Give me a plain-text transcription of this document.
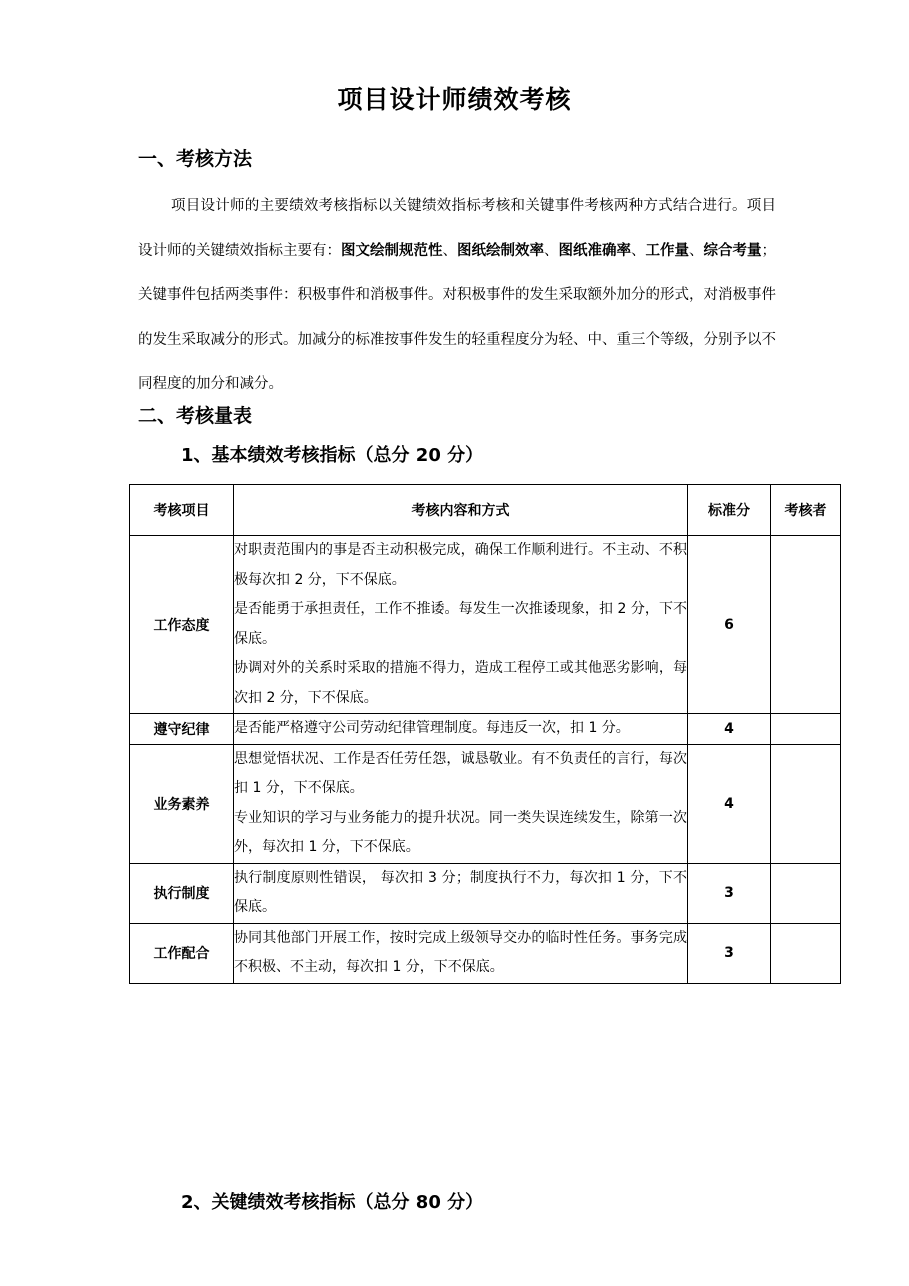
项目设计师绩效考核
一、考核方法

项目设计师的主要绩效考核指标以关键绩效指标考核和关键事件考核两种方式结合进行。项目设计师的关键绩效指标主要有：图文绘制规范性、图纸绘制效率、图纸准确率、工作量、综合考量；关键事件包括两类事件：积极事件和消极事件。对积极事件的发生采取额外加分的形式，对消极事件的发生采取减分的形式。加减分的标准按事件发生的轻重程度分为轻、中、重三个等级，分别予以不同程度的加分和减分。

二、考核量表
1、基本绩效考核指标（总分 20 分）
考核项目	考核内容和方式	标准分	考核者
工作态度	对职责范围内的事是否主动积极完成，确保工作顺利进行。不主动、不积极每次扣 2 分，下不保底。
是否能勇于承担责任，工作不推诿。每发生一次推诿现象，扣 2 分，下不保底。
协调对外的关系时采取的措施不得力，造成工程停工或其他恶劣影响，每次扣 2 分，下不保底。	6	
遵守纪律	是否能严格遵守公司劳动纪律管理制度。每违反一次，扣 1 分。	4	
业务素养	思想觉悟状况、工作是否任劳任怨，诚恳敬业。有不负责任的言行，每次扣 1 分，下不保底。
专业知识的学习与业务能力的提升状况。同一类失误连续发生，除第一次外，每次扣 1 分，下不保底。	4	
执行制度	执行制度原则性错误， 每次扣 3 分；制度执行不力，每次扣 1 分，下不保底。	3	
工作配合	协同其他部门开展工作，按时完成上级领导交办的临时性任务。事务完成不积极、不主动，每次扣 1 分，下不保底。	3	
2、关键绩效考核指标（总分 80 分）
